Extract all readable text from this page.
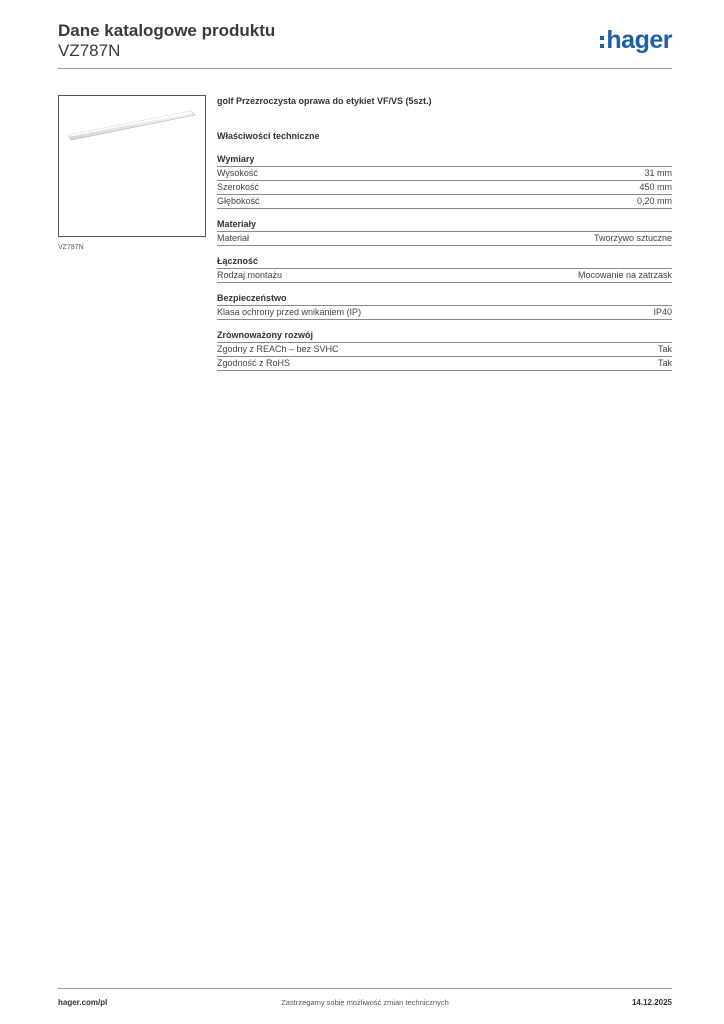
Dane katalogowe produktu
VZ787N	hager
VZ787N
golf Przezroczysta oprawa do etykiet VF/VS (5szt.)
Właściwości techniczne
Wymiary
Wysokość	31 mm
Szerokość	450 mm
Głębokość	0,20 mm
Materiały
Materiał	Tworzywo sztuczne
Łączność
Rodzaj montażu	Mocowanie na zatrzask
Bezpieczeństwo
Klasa ochrony przed wnikaniem (IP)	IP40
Zrównoważony rozwój
Zgodny z REACh – bez SVHC	Tak
Zgodność z RoHS	Tak
Zastrzegamy sobie możliwość zmian technicznych
hager.com/pl	14.12.2025
